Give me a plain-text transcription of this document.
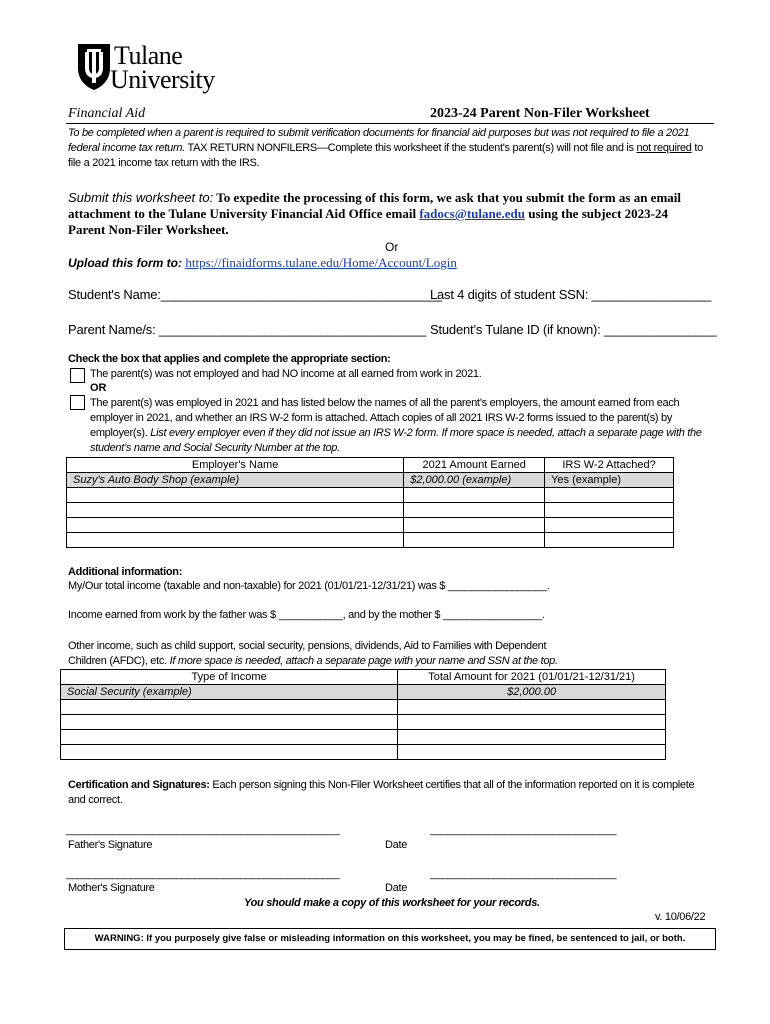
Tulane
University
Financial Aid	2023-24 Parent Non-Filer Worksheet
To be completed when a parent is required to submit verification documents for financial aid purposes but was not required to file a 2021
federal income tax return. TAX RETURN NONFILERS—Complete this worksheet if the student's parent(s) will not file and is not required to
file a 2021 income tax return with the IRS.
Submit this worksheet to: To expedite the processing of this form, we ask that you submit the form as an email
attachment to the Tulane University Financial Aid Office email fadocs@tulane.edu using the subject 2023-24
Parent Non-Filer Worksheet.
Or
Upload this form to: https://finaidforms.tulane.edu/Home/Account/Login
Student's Name:________________________________________
Last 4 digits of student SSN: _________________
Parent Name/s: ______________________________________ Student’s Tulane ID (if known): ________________
Check the box that applies and complete the appropriate section:
The parent(s) was not employed and had NO income at all earned from work in 2021.
OR
The parent(s) was employed in 2021 and has listed below the names of all the parent’s employers, the amount earned from each
employer in 2021, and whether an IRS W-2 form is attached. Attach copies of all 2021 IRS W-2 forms issued to the parent(s) by
employer(s). List every employer even if they did not issue an IRS W-2 form. If more space is needed, attach a separate page with the
student’s name and Social Security Number at the top.
Employer's Name	2021 Amount Earned	IRS W-2 Attached?
Suzy's Auto Body Shop (example)	$2,000.00 (example)	Yes (example)

Additional information:
My/Our total income (taxable and non-taxable) for 2021 (01/01/21-12/31/21) was $ _________________.
Income earned from work by the father was $ ___________, and by the mother $ _________________.
Other income, such as child support, social security, pensions, dividends, Aid to Families with Dependent
Children (AFDC), etc. If more space is needed, attach a separate page with your name and SSN at the top.
Type of Income	Total Amount for 2021 (01/01/21-12/31/21)
Social Security (example)	$2,000.00

Certification and Signatures: Each person signing this Non-Filer Worksheet certifies that all of the information reported on it is complete
and correct.
_______________________________________________	________________________________
Father's Signature	Date
_______________________________________________	________________________________
Mother's Signature	Date
You should make a copy of this worksheet for your records.
v. 10/06/22
WARNING: If you purposely give false or misleading information on this worksheet, you may be fined, be sentenced to jail, or both.
